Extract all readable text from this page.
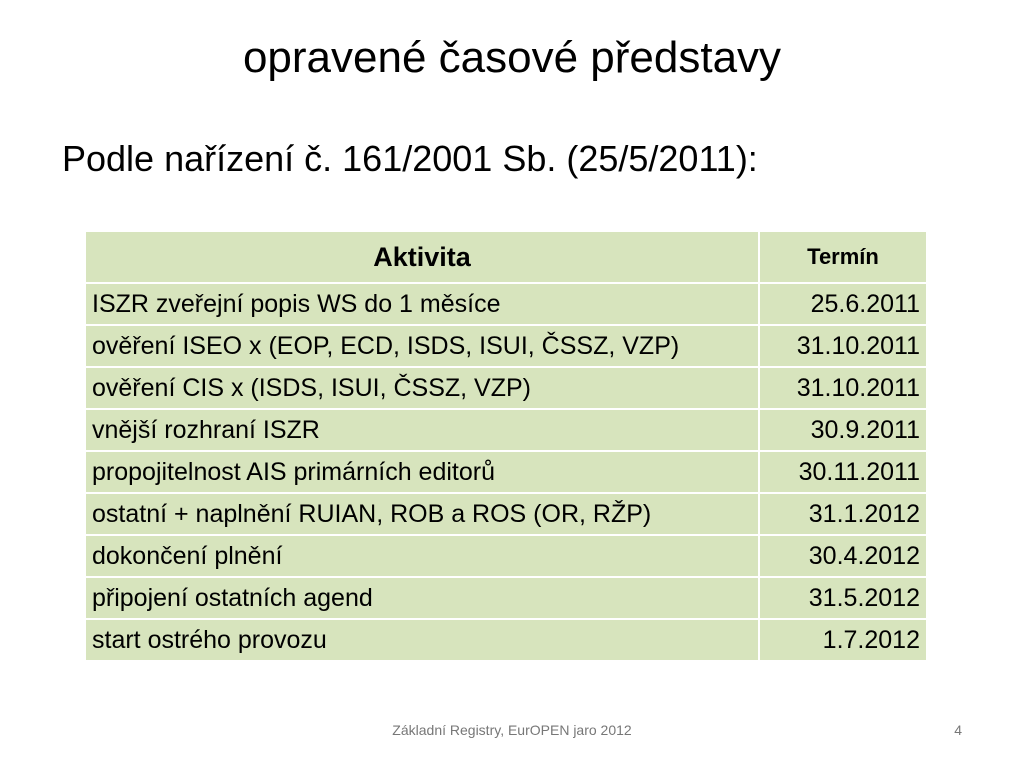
opravené časové představy

Podle nařízení č. 161/2001 Sb. (25/5/2011):

Aktivita	Termín
ISZR zveřejní popis WS do 1 měsíce	25.6.2011
ověření ISEO x (EOP, ECD, ISDS, ISUI, ČSSZ, VZP)	31.10.2011
ověření CIS x (ISDS, ISUI, ČSSZ, VZP)	31.10.2011
vnější rozhraní ISZR	30.9.2011
propojitelnost AIS primárních editorů	30.11.2011
ostatní + naplnění RUIAN, ROB a ROS (OR, RŽP)	31.1.2012
dokončení plnění	30.4.2012
připojení ostatních agend	31.5.2012
start ostrého provozu	1.7.2012

Základní Registry, EurOPEN jaro 2012	4
